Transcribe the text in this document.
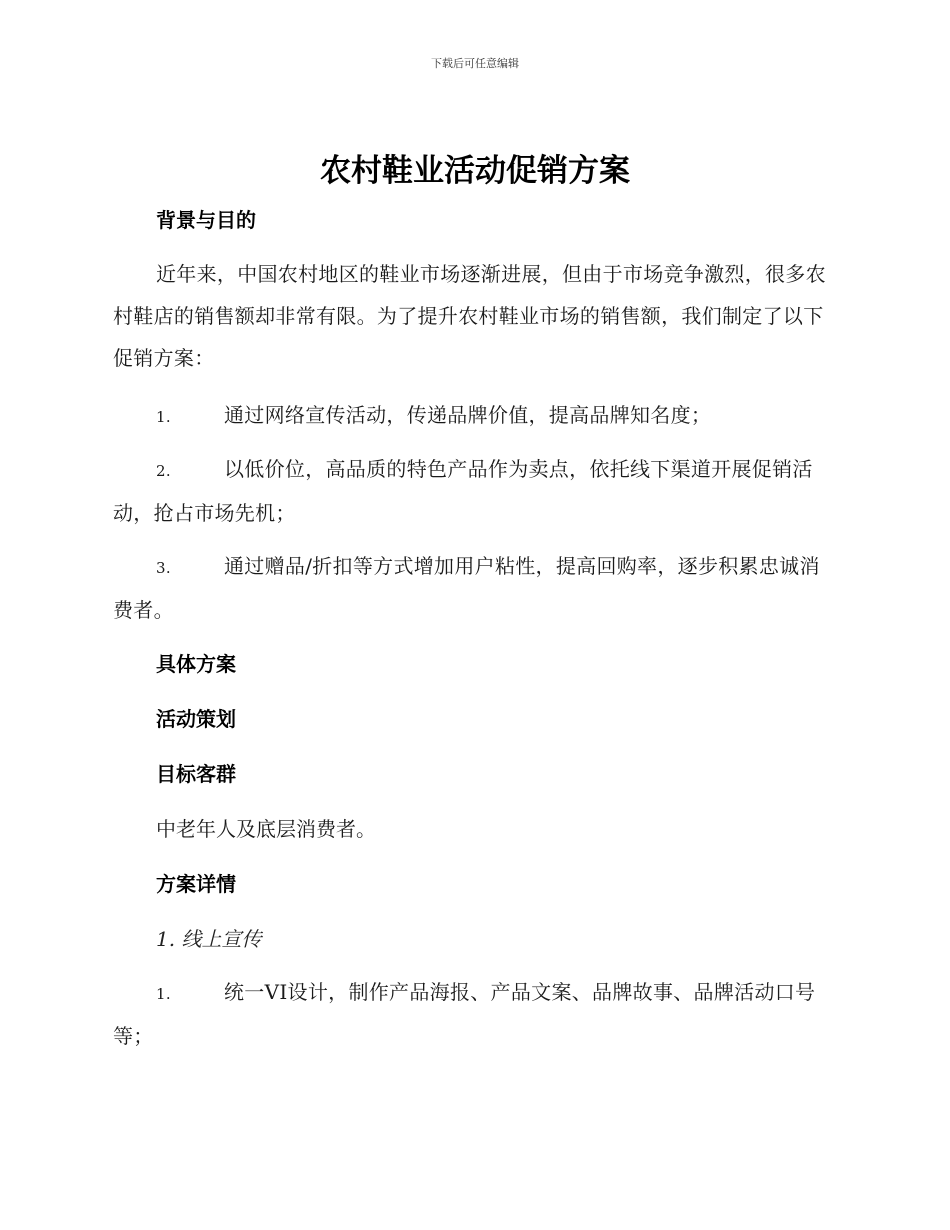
下载后可任意编辑
农村鞋业活动促销方案
背景与目的
近年来，中国农村地区的鞋业市场逐渐进展，但由于市场竞争激烈，很多农村鞋店的销售额却非常有限。为了提升农村鞋业市场的销售额，我们制定了以下促销方案：
1.	通过网络宣传活动，传递品牌价值，提高品牌知名度；
2.	以低价位，高品质的特色产品作为卖点，依托线下渠道开展促销活动，抢占市场先机；
3.	通过赠品/折扣等方式增加用户粘性，提高回购率，逐步积累忠诚消费者。
具体方案
活动策划
目标客群
中老年人及底层消费者。
方案详情
1. 线上宣传
1.	统一VI设计，制作产品海报、产品文案、品牌故事、品牌活动口号等；
